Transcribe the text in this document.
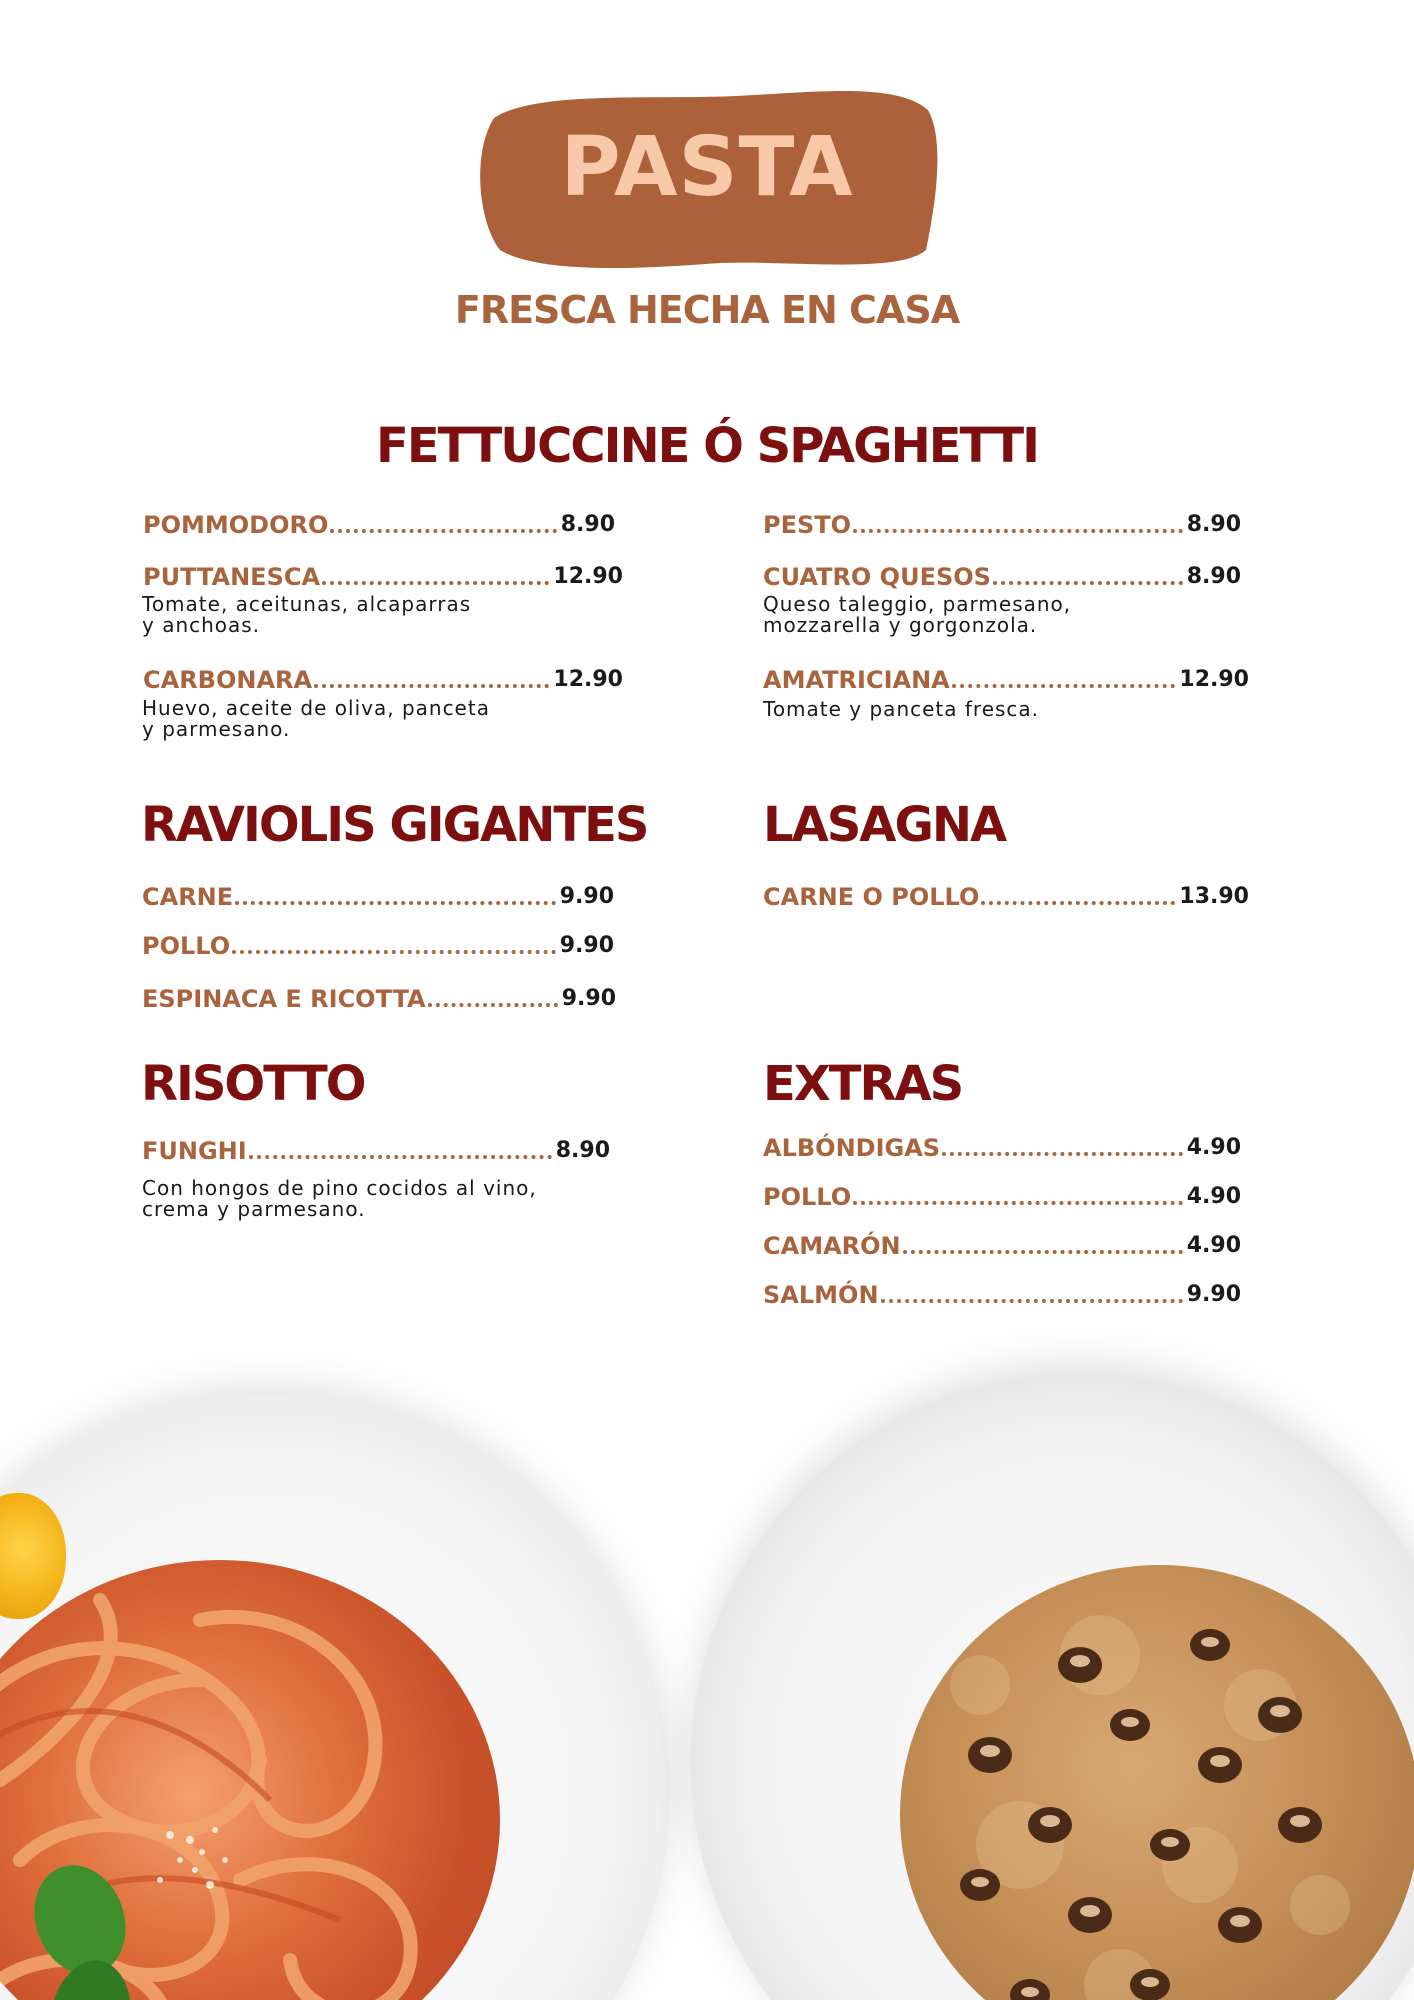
PASTA
FRESCA HECHA EN CASA
FETTUCCINE Ó SPAGHETTI
POMMODORO	8.90
PUTTANESCA	12.90
Tomate, aceitunas, alcaparras
y anchoas.
CARBONARA	12.90
Huevo, aceite de oliva, panceta
y parmesano.
PESTO	8.90
CUATRO QUESOS	8.90
Queso taleggio, parmesano,
mozzarella y gorgonzola.
AMATRICIANA	12.90
Tomate y panceta fresca.
RAVIOLIS GIGANTES
CARNE	9.90
POLLO	9.90
ESPINACA E RICOTTA	9.90
LASAGNA
CARNE O POLLO	13.90
RISOTTO
FUNGHI	8.90
Con hongos de pino cocidos al vino,
crema y parmesano.
EXTRAS
ALBÓNDIGAS	4.90
POLLO	4.90
CAMARÓN	4.90
SALMÓN	9.90
